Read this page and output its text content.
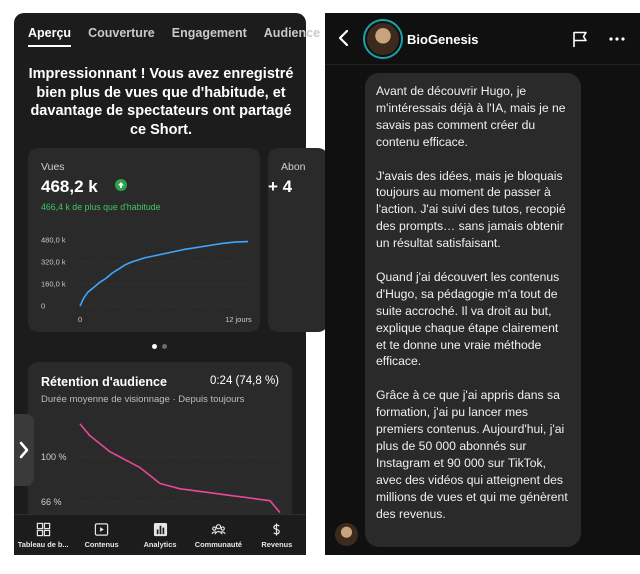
Aperçu Couverture Engagement Audience
Impressionnant ! Vous avez enregistré bien plus de vues que d'habitude, et davantage de spectateurs ont partagé ce Short.
Vues
468,2 k
466,4 k de plus que d'habitude
0
160,0 k
320,0 k
480,0 k
0	12 jours
Abon
+ 4
Rétention d'audience	0:24 (74,8 %)
Durée moyenne de visionnage · Depuis toujours
100 %
66 %
Tableau de b... Contenus	Analytics Communauté	Revenus
BioGenesis

Avant de découvrir Hugo, je m'intéressais déjà à l'IA, mais je ne savais pas comment créer du contenu efficace.

J'avais des idées, mais je bloquais toujours au moment de passer à l'action. J'ai suivi des tutos, recopié des prompts… sans jamais obtenir un résultat satisfaisant.

Quand j'ai découvert les contenus d'Hugo, sa pédagogie m'a tout de suite accroché. Il va droit au but, explique chaque étape clairement et te donne une vraie méthode efficace.

Grâce à ce que j'ai appris dans sa formation, j'ai pu lancer mes premiers contenus. Aujourd'hui, j'ai plus de 50 000 abonnés sur Instagram et 90 000 sur TikTok, avec des vidéos qui atteignent des millions de vues et qui me génèrent des revenus.
